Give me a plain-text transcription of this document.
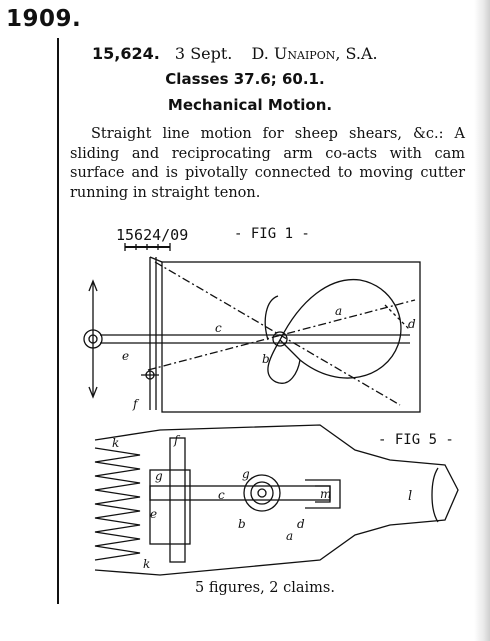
1909.
15,624. 3 Sept. D. Unaipon, S.A.
Classes 37.6; 60.1.
Mechanical Motion.
Straight line motion for sheep shears, &c.: A sliding and reciprocating arm co-acts with cam surface and is pivotally connected to moving cutter running in straight tenon.
15624/09	- FIG 1 -
a
b
c	d
e
f
- FIG 5 -
k	f
g
e
k
g
c
b
a
d
m	l
5 figures, 2 claims.
